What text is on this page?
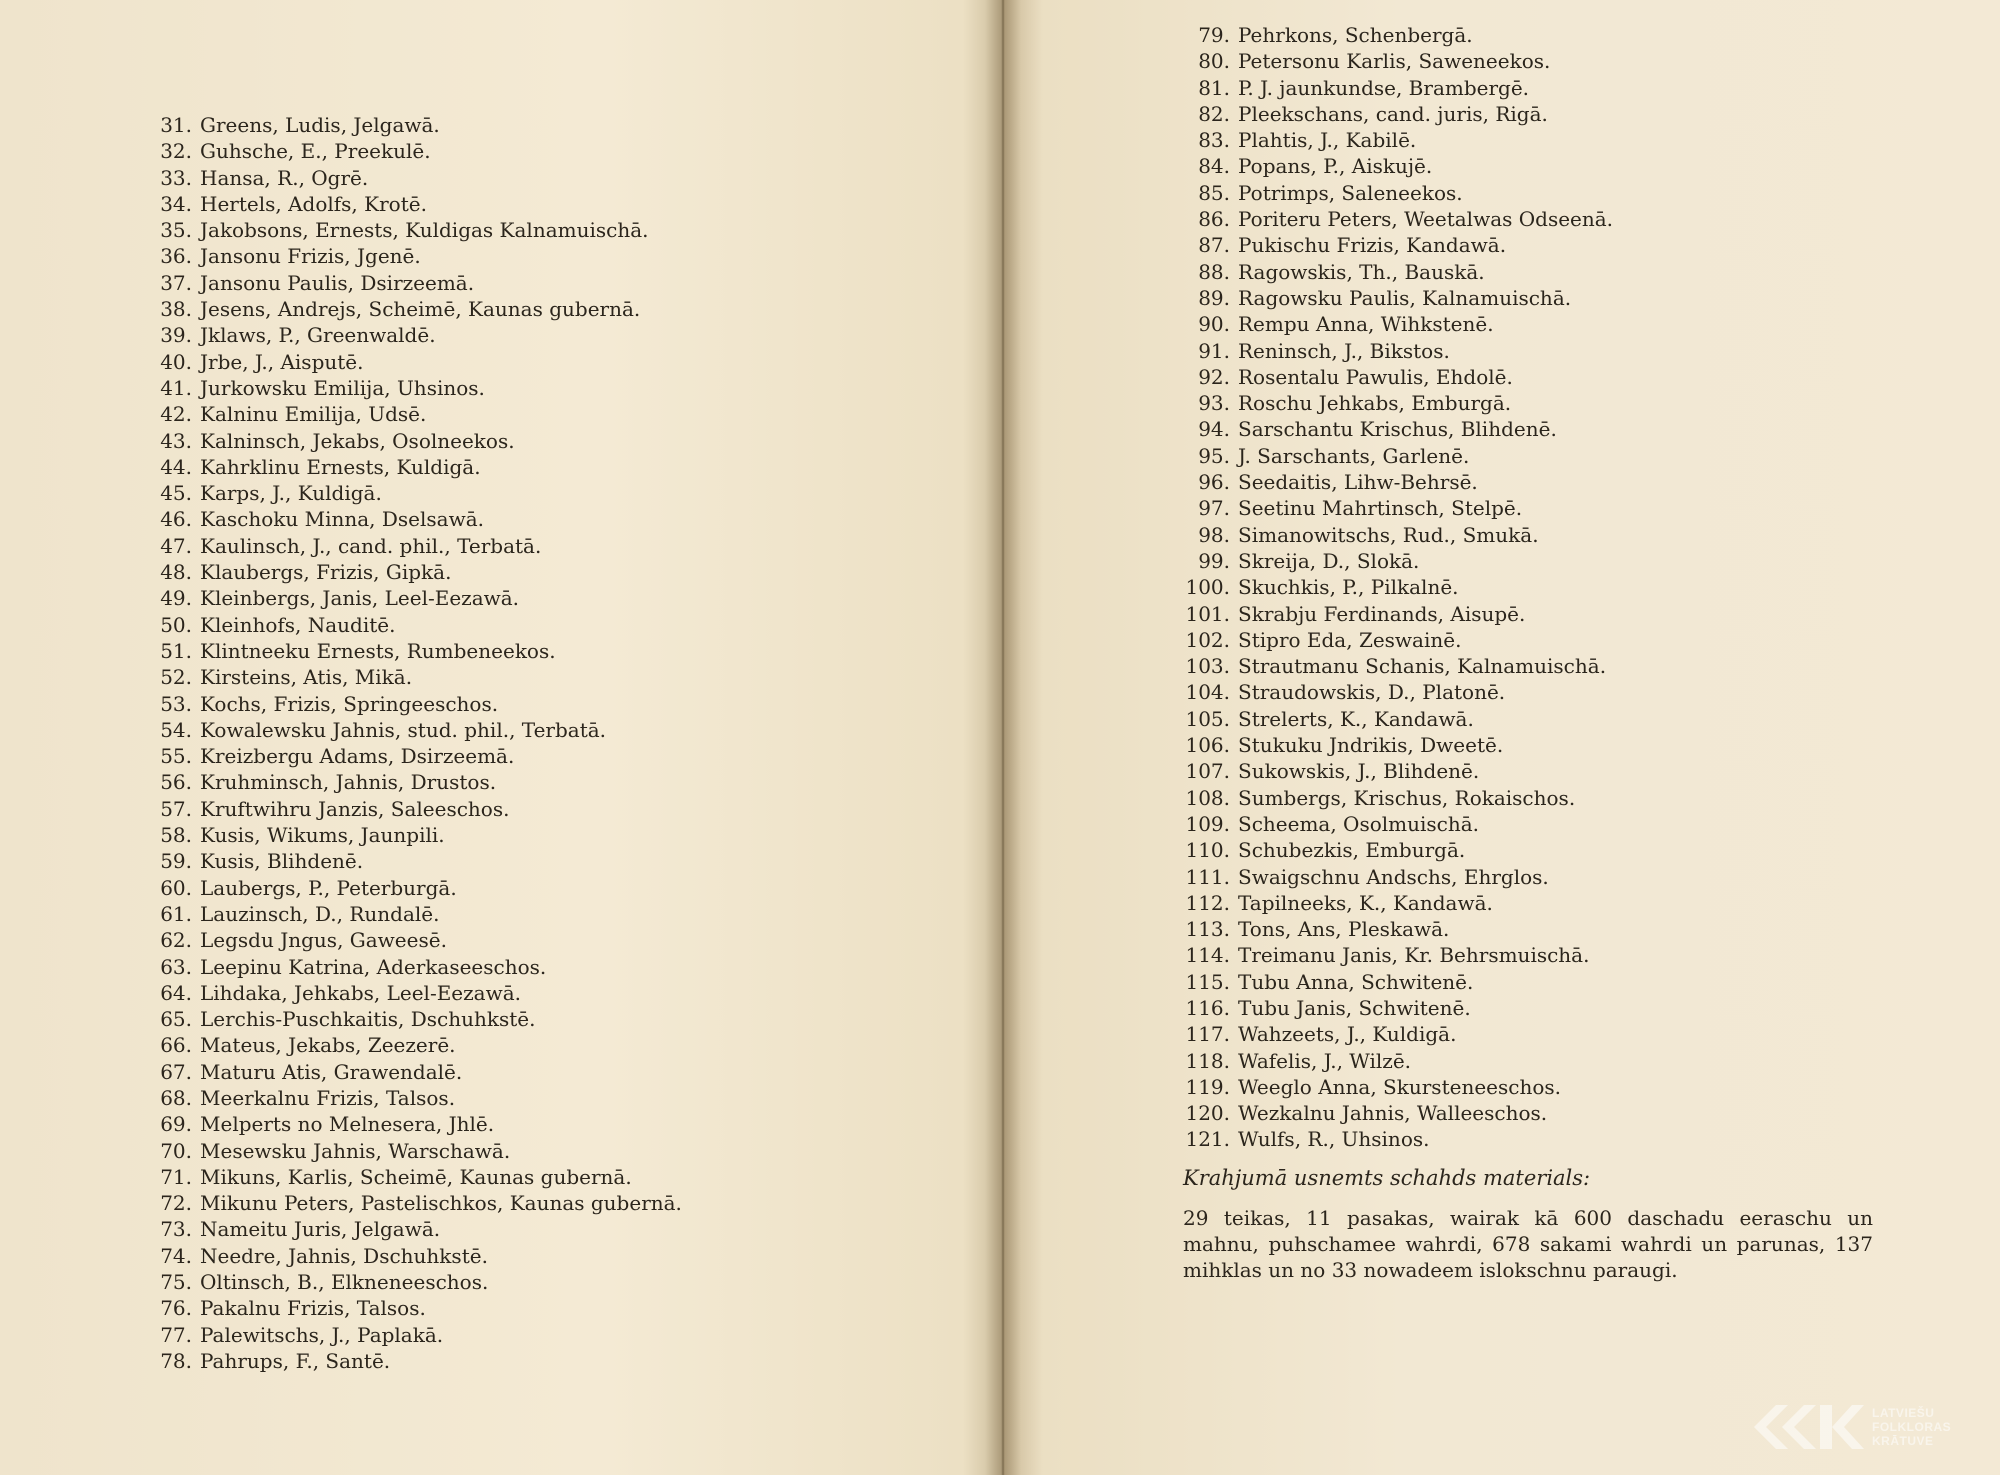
31. Greens, Ludis, Jelgawā.
32. Guhsche, E., Preekulē.
33. Hansa, R., Ogrē.
34. Hertels, Adolfs, Krotē.
35. Jakobsons, Ernests, Kuldigas Kalnamuischā.
36. Jansonu Frizis, Jgenē.
37. Jansonu Paulis, Dsirzeemā.
38. Jesens, Andrejs, Scheimē, Kaunas gubernā.
39. Jklaws, P., Greenwaldē.
40. Jrbe, J., Aisputē.
41. Jurkowsku Emilija, Uhsinos.
42. Kalninu Emilija, Udsē.
43. Kalninsch, Jekabs, Osolneekos.
44. Kahrklinu Ernests, Kuldigā.
45. Karps, J., Kuldigā.
46. Kaschoku Minna, Dselsawā.
47. Kaulinsch, J., cand. phil., Terbatā.
48. Klaubergs, Frizis, Gipkā.
49. Kleinbergs, Janis, Leel-Eezawā.
50. Kleinhofs, Nauditē.
51. Klintneeku Ernests, Rumbeneekos.
52. Kirsteins, Atis, Mikā.
53. Kochs, Frizis, Springeeschos.
54. Kowalewsku Jahnis, stud. phil., Terbatā.
55. Kreizbergu Adams, Dsirzeemā.
56. Kruhminsch, Jahnis, Drustos.
57. Kruftwihru Janzis, Saleeschos.
58. Kusis, Wikums, Jaunpili.
59. Kusis, Blihdenē.
60. Laubergs, P., Peterburgā.
61. Lauzinsch, D., Rundalē.
62. Legsdu Jngus, Gaweesē.
63. Leepinu Katrina, Aderkaseeschos.
64. Lihdaka, Jehkabs, Leel-Eezawā.
65. Lerchis-Puschkaitis, Dschuhkstē.
66. Mateus, Jekabs, Zeezerē.
67. Maturu Atis, Grawendalē.
68. Meerkalnu Frizis, Talsos.
69. Melperts no Melnesera, Jhlē.
70. Mesewsku Jahnis, Warschawā.
71. Mikuns, Karlis, Scheimē, Kaunas gubernā.
72. Mikunu Peters, Pastelischkos, Kaunas gubernā.
73. Nameitu Juris, Jelgawā.
74. Needre, Jahnis, Dschuhkstē.
75. Oltinsch, B., Elkneneeschos.
76. Pakalnu Frizis, Talsos.
77. Palewitschs, J., Paplakā.
78. Pahrups, F., Santē.
79. Pehrkons, Schenbergā.
80. Petersonu Karlis, Saweneekos.
81. P. J. jaunkundse, Brambergē.
82. Pleekschans, cand. juris, Rigā.
83. Plahtis, J., Kabilē.
84. Popans, P., Aiskujē.
85. Potrimps, Saleneekos.
86. Poriteru Peters, Weetalwas Odseenā.
87. Pukischu Frizis, Kandawā.
88. Ragowskis, Th., Bauskā.
89. Ragowsku Paulis, Kalnamuischā.
90. Rempu Anna, Wihkstenē.
91. Reninsch, J., Bikstos.
92. Rosentalu Pawulis, Ehdolē.
93. Roschu Jehkabs, Emburgā.
94. Sarschantu Krischus, Blihdenē.
95. J. Sarschants, Garlenē.
96. Seedaitis, Lihw-Behrsē.
97. Seetinu Mahrtinsch, Stelpē.
98. Simanowitschs, Rud., Smukā.
99. Skreija, D., Slokā.
100. Skuchkis, P., Pilkalnē.
101. Skrabju Ferdinands, Aisupē.
102. Stipro Eda, Zeswainē.
103. Strautmanu Schanis, Kalnamuischā.
104. Straudowskis, D., Platonē.
105. Strelerts, K., Kandawā.
106. Stukuku Jndrikis, Dweetē.
107. Sukowskis, J., Blihdenē.
108. Sumbergs, Krischus, Rokaischos.
109. Scheema, Osolmuischā.
110. Schubezkis, Emburgā.
111. Swaigschnu Andschs, Ehrglos.
112. Tapilneeks, K., Kandawā.
113. Tons, Ans, Pleskawā.
114. Treimanu Janis, Kr. Behrsmuischā.
115. Tubu Anna, Schwitenē.
116. Tubu Janis, Schwitenē.
117. Wahzeets, J., Kuldigā.
118. Wafelis, J., Wilzē.
119. Weeglo Anna, Skursteneeschos.
120. Wezkalnu Jahnis, Walleeschos.
121. Wulfs, R., Uhsinos.

Krahjumā usnemts schahds materials:

29 teikas, 11 pasakas, wairak kā 600 daschadu eeraschu un mahnu, puhschamee wahrdi, 678 sakami wahrdi un parunas, 137 mihklas un no 33 nowadeem islokschnu paraugi.

LATVIEŠU
FOLKLORAS
KRĀTUVE
